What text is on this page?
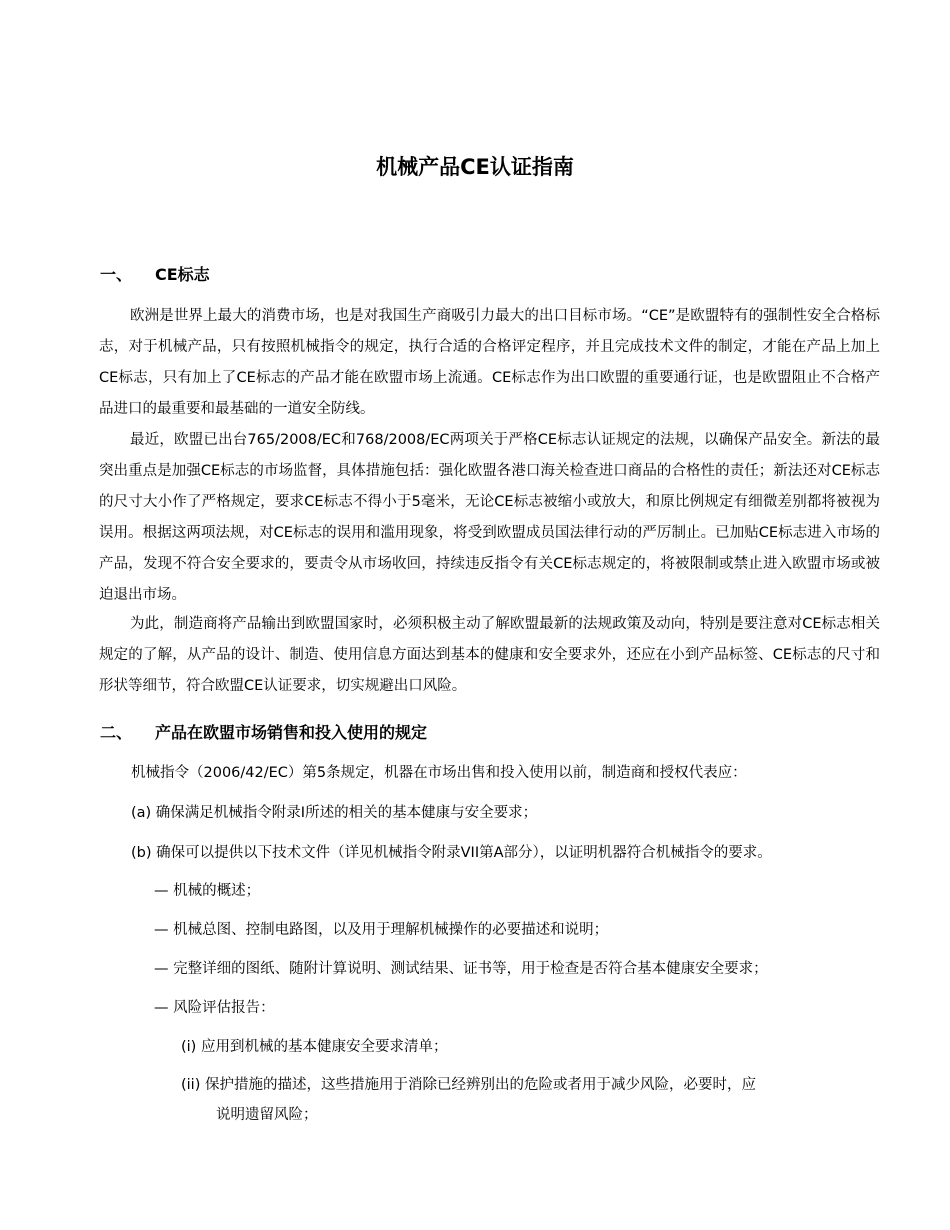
机械产品CE认证指南
一、 CE标志

欧洲是世界上最大的消费市场，也是对我国生产商吸引力最大的出口目标市场。“CE”是欧盟特有的强制性安全合格标志，对于机械产品，只有按照机械指令的规定，执行合适的合格评定程序，并且完成技术文件的制定，才能在产品上加上CE标志，只有加上了CE标志的产品才能在欧盟市场上流通。CE标志作为出口欧盟的重要通行证，也是欧盟阻止不合格产品进口的最重要和最基础的一道安全防线。

最近，欧盟已出台765/2008/EC和768/2008/EC两项关于严格CE标志认证规定的法规，以确保产品安全。新法的最突出重点是加强CE标志的市场监督，具体措施包括：强化欧盟各港口海关检查进口商品的合格性的责任；新法还对CE标志的尺寸大小作了严格规定，要求CE标志不得小于5毫米，无论CE标志被缩小或放大，和原比例规定有细微差别都将被视为误用。根据这两项法规，对CE标志的误用和滥用现象，将受到欧盟成员国法律行动的严厉制止。已加贴CE标志进入市场的产品，发现不符合安全要求的，要责令从市场收回，持续违反指令有关CE标志规定的，将被限制或禁止进入欧盟市场或被迫退出市场。

为此，制造商将产品输出到欧盟国家时，必须积极主动了解欧盟最新的法规政策及动向，特别是要注意对CE标志相关规定的了解，从产品的设计、制造、使用信息方面达到基本的健康和安全要求外，还应在小到产品标签、CE标志的尺寸和形状等细节，符合欧盟CE认证要求，切实规避出口风险。

二、 产品在欧盟市场销售和投入使用的规定
机械指令（2006/42/EC）第5条规定，机器在市场出售和投入使用以前，制造商和授权代表应：
(a) 确保满足机械指令附录Ⅰ所述的相关的基本健康与安全要求；
(b) 确保可以提供以下技术文件（详见机械指令附录VII第A部分），以证明机器符合机械指令的要求。
— 机械的概述；
— 机械总图、控制电路图，以及用于理解机械操作的必要描述和说明；
— 完整详细的图纸、随附计算说明、测试结果、证书等，用于检查是否符合基本健康安全要求；
— 风险评估报告：
(i) 应用到机械的基本健康安全要求清单；
(ii) 保护措施的描述，这些措施用于消除已经辨别出的危险或者用于减少风险，必要时，应
说明遗留风险；
